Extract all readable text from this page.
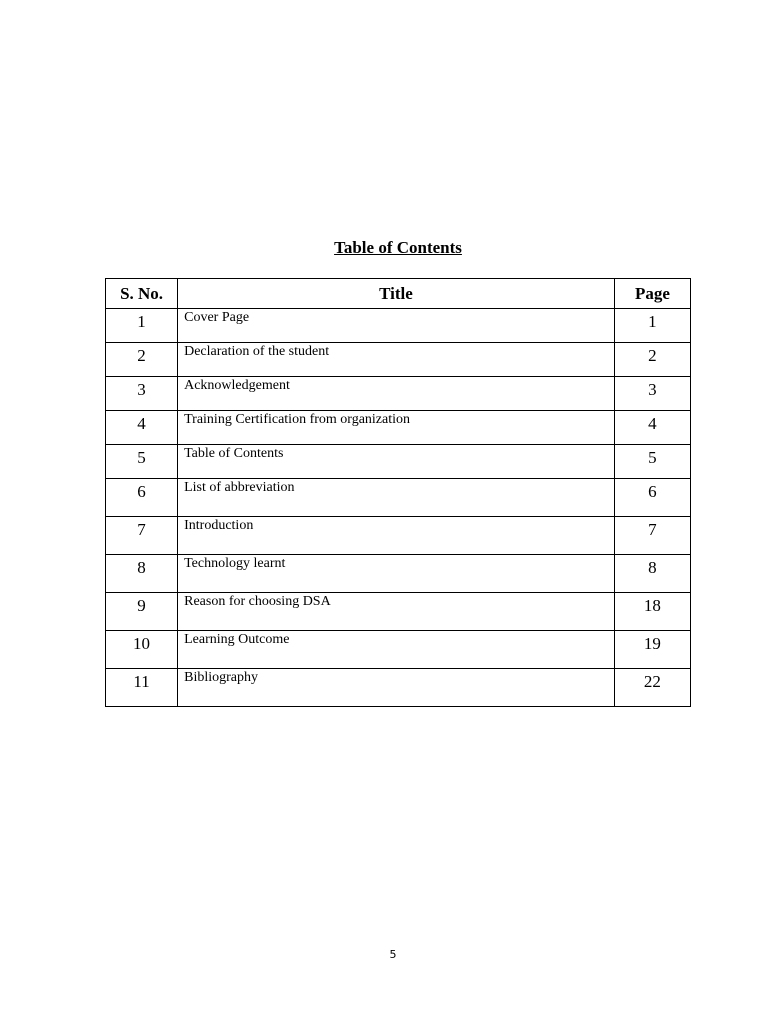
Table of Contents
S. No.	Title	Page
1	Cover Page	1
2	Declaration of the student	2
3	Acknowledgement	3
4	Training Certification from organization	4
5	Table of Contents	5
6	List of abbreviation	6
7	Introduction	7
8	Technology learnt	8
9	Reason for choosing DSA	18
10	Learning Outcome	19
11	Bibliography	22
5
